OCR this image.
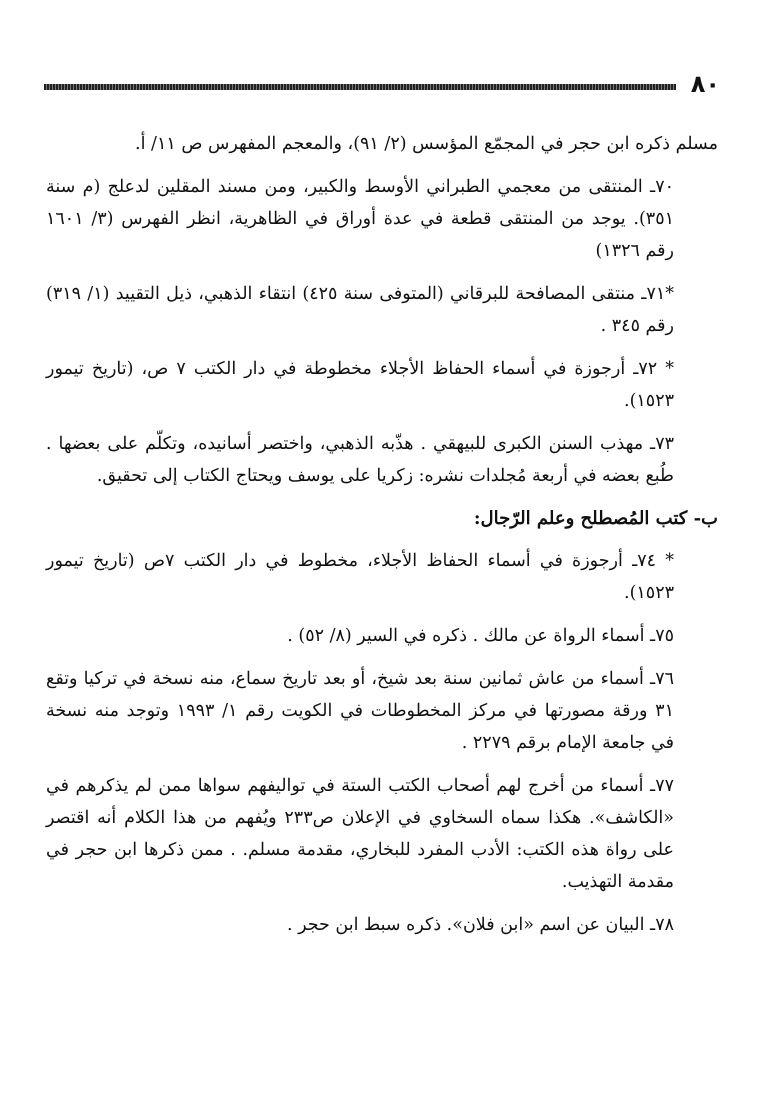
٨٠

مسلم ذكره ابن حجر في المجمّع المؤسس (٢/ ٩١)، والمعجم المفهرس ص ١١/ أ.

٧٠ـ المنتقى من معجمي الطبراني الأوسط والكبير، ومن مسند المقلين لدعلج (م سنة ٣٥١). يوجد من المنتقى قطعة في عدة أوراق في الظاهرية، انظر الفهرس (٣/ ١٦٠١ رقم ١٣٢٦)

*٧١ـ منتقى المصافحة للبرقاني (المتوفى سنة ٤٢٥) انتقاء الذهبي، ذيل التقييد (١/ ٣١٩) رقم ٣٤٥ .

* ٧٢ـ أرجوزة في أسماء الحفاظ الأجلاء مخطوطة في دار الكتب ٧ ص، (تاريخ تيمور ١٥٢٣).

٧٣ـ مهذب السنن الكبرى للبيهقي . هذّبه الذهبي، واختصر أسانيده، وتكلّم على بعضها . طُبع بعضه في أربعة مُجلدات نشره: زكريا على يوسف ويحتاج الكتاب إلى تحقيق.

ب- كتب المُصطلح وعلم الرّجال:

* ٧٤ـ أرجوزة في أسماء الحفاظ الأجلاء، مخطوط في دار الكتب ٧ص (تاريخ تيمور ١٥٢٣).

٧٥ـ أسماء الرواة عن مالك . ذكره في السير (٨/ ٥٢) .

٧٦ـ أسماء من عاش ثمانين سنة بعد شيخ، أو بعد تاريخ سماع، منه نسخة في تركيا وتقع ٣١ ورقة مصورتها في مركز المخطوطات في الكويت رقم ١/ ١٩٩٣ وتوجد منه نسخة في جامعة الإمام برقم ٢٢٧٩ .

٧٧ـ أسماء من أخرج لهم أصحاب الكتب الستة في تواليفهم سواها ممن لم يذكرهم في «الكاشف». هكذا سماه السخاوي في الإعلان ص٢٣٣ ويُفهم من هذا الكلام أنه اقتصر على رواة هذه الكتب: الأدب المفرد للبخاري، مقدمة مسلم. . ممن ذكرها ابن حجر في مقدمة التهذيب.

٧٨ـ البيان عن اسم «ابن فلان». ذكره سبط ابن حجر .
